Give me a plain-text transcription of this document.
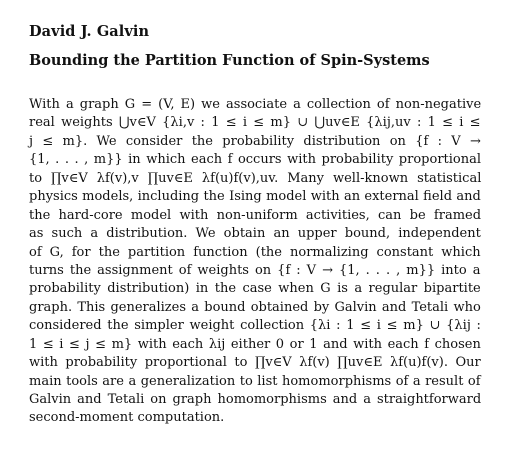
David J. Galvin
Bounding the Partition Function of Spin-Systems
With a graph G = (V, E) we associate a collection of non-negative
real weights ⋃v∈V {λi,v : 1 ≤ i ≤ m} ∪ ⋃uv∈E {λij,uv : 1 ≤ i ≤
j ≤ m}. We consider the probability distribution on {f : V →
{1, . . . , m}} in which each f occurs with probability proportional
to ∏v∈V λf(v),v ∏uv∈E λf(u)f(v),uv. Many well-known statistical
physics models, including the Ising model with an external field and
the hard-core model with non-uniform activities, can be framed
as such a distribution. We obtain an upper bound, independent
of G, for the partition function (the normalizing constant which
turns the assignment of weights on {f : V → {1, . . . , m}} into a
probability distribution) in the case when G is a regular bipartite
graph. This generalizes a bound obtained by Galvin and Tetali who
considered the simpler weight collection {λi : 1 ≤ i ≤ m} ∪ {λij :
1 ≤ i ≤ j ≤ m} with each λij either 0 or 1 and with each f chosen
with probability proportional to ∏v∈V λf(v) ∏uv∈E λf(u)f(v). Our
main tools are a generalization to list homomorphisms of a result of
Galvin and Tetali on graph homomorphisms and a straightforward
second-moment computation.
